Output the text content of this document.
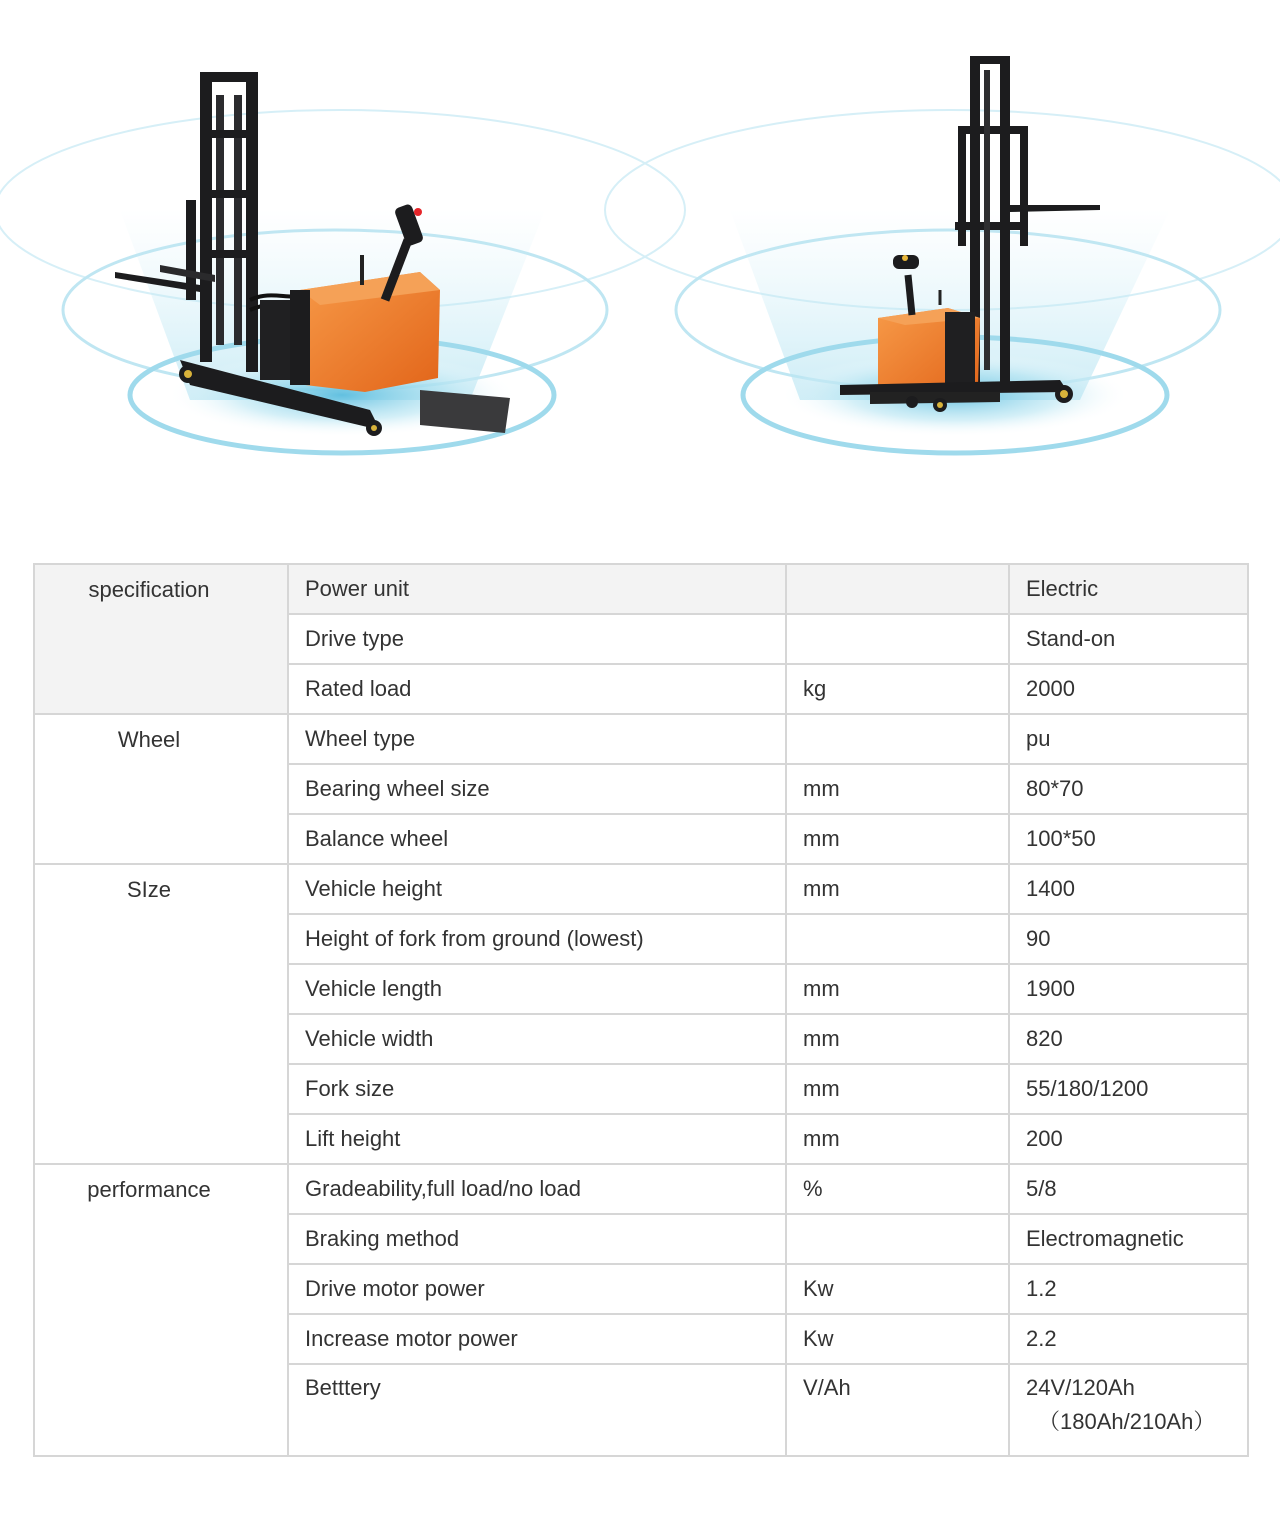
specification	Power unit		Electric
	Drive type		Stand-on
	Rated load	kg	2000
Wheel	Wheel type		pu
	Bearing wheel size	mm	80*70
	Balance wheel	mm	100*50
SIze	Vehicle height	mm	1400
	Height of fork from ground (lowest)		90
	Vehicle length	mm	1900
	Vehicle width	mm	820
	Fork size	mm	55/180/1200
	Lift height	mm	200
performance	Gradeability,full load/no load	%	5/8
	Braking method		Electromagnetic
	Drive motor power	Kw	1.2
	Increase motor power	Kw	2.2
	Betttery	V/Ah	24V/120Ah
（180Ah/210Ah）
